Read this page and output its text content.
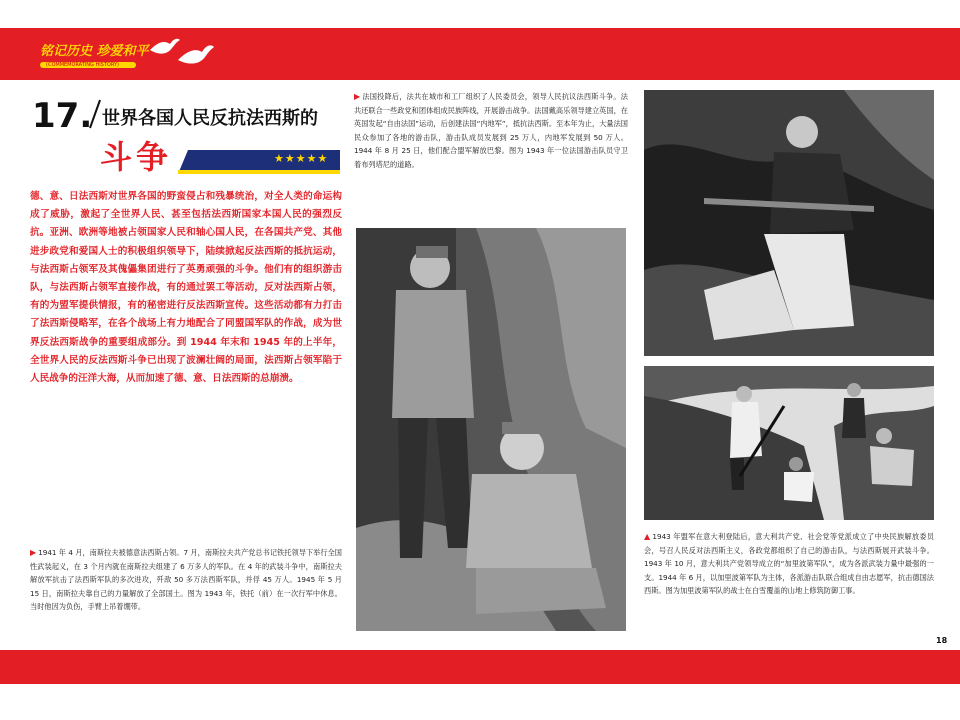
铭记历史 珍爱和平
(COMMEMORATING HISTORY)
17. 世界各国人民反抗法西斯的
斗争	★★★★★

德、意、日法西斯对世界各国的野蛮侵占和残暴统治，对全人类的命运构成了威胁，激起了全世界人民、甚至包括法西斯国家本国人民的强烈反抗。亚洲、欧洲等地被占领国家人民和轴心国人民，在各国共产党、其他进步政党和爱国人士的积极组织领导下，陆续掀起反法西斯的抵抗运动，与法西斯占领军及其傀儡集团进行了英勇顽强的斗争。他们有的组织游击队，与法西斯占领军直接作战，有的通过罢工等活动，反对法西斯占领，有的为盟军提供情报，有的秘密进行反法西斯宣传。这些活动都有力打击了法西斯侵略军，在各个战场上有力地配合了同盟国军队的作战，成为世界反法西斯战争的重要组成部分。到 1944 年末和 1945 年的上半年，全世界人民的反法西斯斗争已出现了波澜壮阔的局面，法西斯占领军陷于人民战争的汪洋大海，从而加速了德、意、日法西斯的总崩溃。

▶ 1941 年 4 月，南斯拉夫被德意法西斯占领。7 月，南斯拉夫共产党总书记铁托领导下举行全国性武装起义，在 3 个月内就在南斯拉夫组建了 6 万多人的军队。在 4 年的武装斗争中，南斯拉夫解放军抗击了法西斯军队的多次进攻，歼敌 50 多万法西斯军队，并俘 45 万人。1945 年 5 月 15 日，南斯拉夫靠自己的力量解放了全部国土。图为 1943 年，铁托（前）在一次行军中休息。当时他因为负伤，手臂上吊着绷带。
▶ 法国投降后，法共在城市和工厂组织了人民委员会，领导人民抗议法西斯斗争。法共还联合一些政党和团体组成民族阵线，开展游击战争。法国戴高乐领导建立英国，在英国发起“自由法国”运动，后创建法国“内地军”，抵抗法西斯。至本年为止，大量法国民众参加了各地的游击队，游击队成员发展到 25 万人，内地军发展到 50 万人。1944 年 8 月 25 日，他们配合盟军解放巴黎。图为 1943 年一位法国游击队员守卫着布列塔尼的道路。
▲ 1943 年盟军在意大利登陆后，意大利共产党、社会党等党派成立了中央民族解放委员会，号召人民反对法西斯主义，各政党都组织了自己的游击队，与法西斯展开武装斗争。1943 年 10 月，意大利共产党领导成立的“加里波第军队”，成为各派武装力量中最强的一支。1944 年 6 月，以加里波第军队为主体，各派游击队联合组成自由志愿军，抗击德国法西斯。图为加里波第军队的战士在白雪覆盖的山地上修筑防御工事。
18
